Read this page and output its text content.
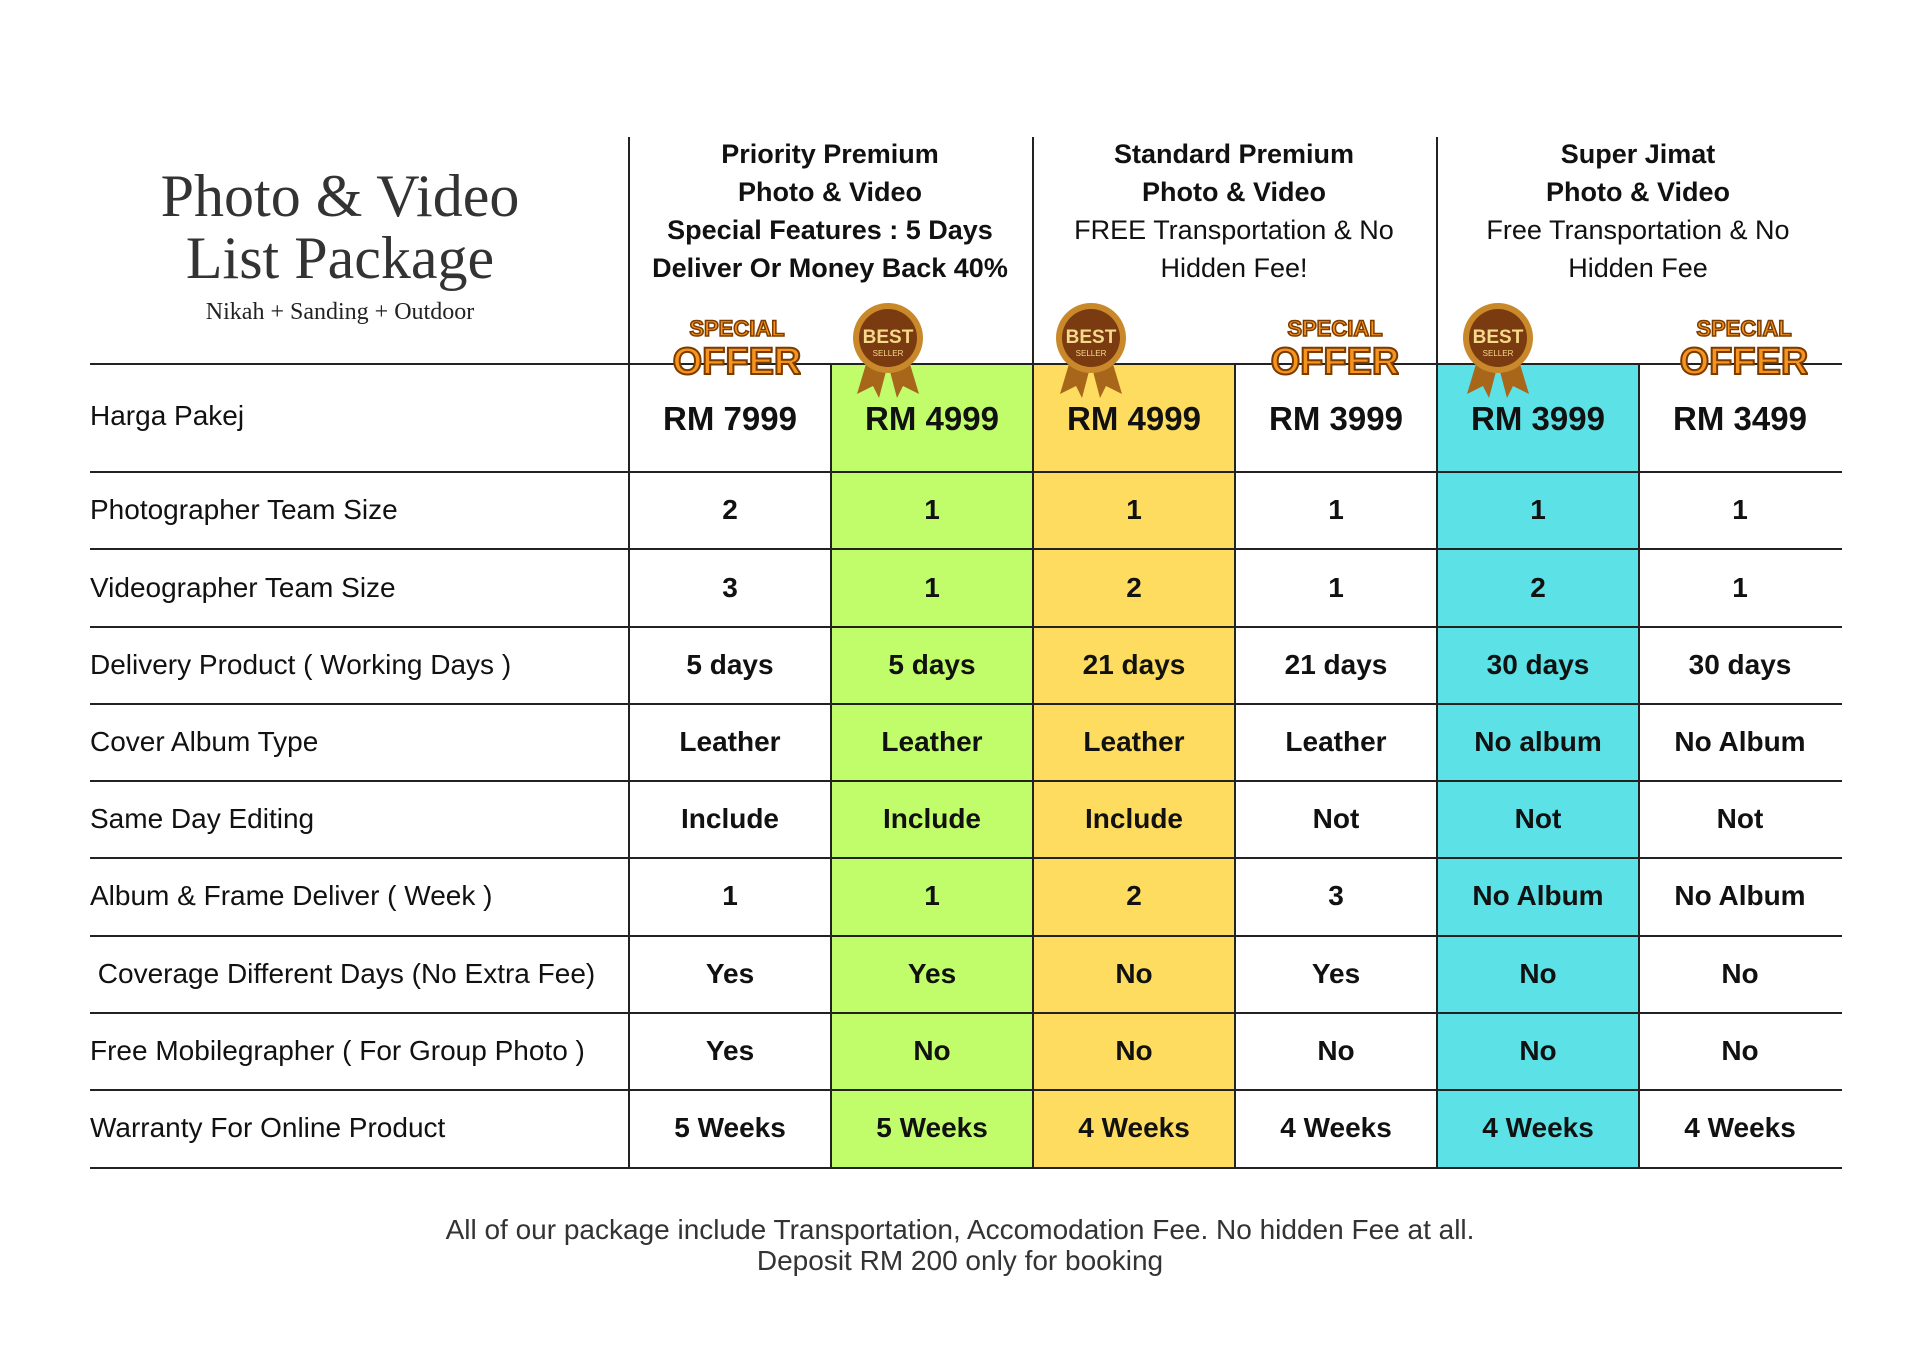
Photo & Video
List Package
Nikah + Sanding + Outdoor
Priority Premium
Photo & Video
Special Features : 5 Days
Deliver Or Money Back 40%
Standard Premium
Photo & Video
FREE Transportation & No
Hidden Fee!
Super Jimat
Photo & Video
Free Transportation & No
Hidden Fee
SPECIAL
OFFER
SPECIAL
OFFER
SPECIAL
OFFER
BEST
SELLER
BEST
SELLER
BEST
SELLER
Harga Pakej	RM 7999	RM 4999	RM 4999	RM 3999	RM 3999	RM 3499
Photographer Team Size	2	1	1	1	1	1
Videographer Team Size	3	1	2	1	2	1
Delivery Product ( Working Days )	5 days	5 days	21 days	21 days	30 days	30 days
Cover Album Type	Leather	Leather	Leather	Leather	No album	No Album
Same Day Editing	Include	Include	Include	Not	Not	Not
Album & Frame Deliver ( Week )	1	1	2	3	No Album	No Album
Coverage Different Days (No Extra Fee)	Yes	Yes	No	Yes	No	No
Free Mobilegrapher ( For Group Photo )	Yes	No	No	No	No	No
Warranty For Online Product	5 Weeks	5 Weeks	4 Weeks	4 Weeks	4 Weeks	4 Weeks
All of our package include Transportation, Accomodation Fee. No hidden Fee at all.
Deposit RM 200 only for booking
